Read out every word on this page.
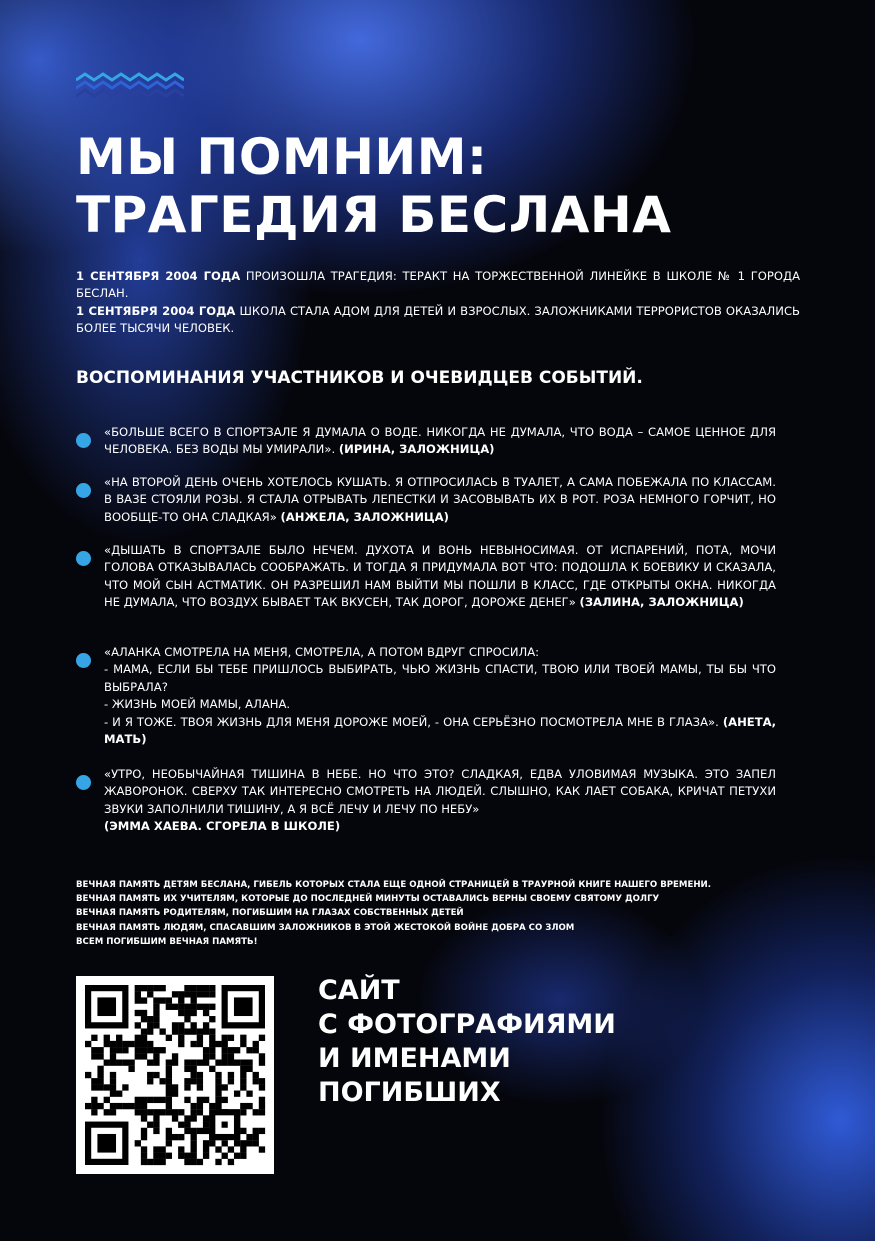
МЫ ПОМНИМ:
ТРАГЕДИЯ БЕСЛАНА

1 СЕНТЯБРЯ 2004 ГОДА ПРОИЗОШЛА ТРАГЕДИЯ: ТЕРАКТ НА ТОРЖЕСТВЕННОЙ ЛИНЕЙКЕ В ШКОЛЕ № 1 ГОРОДА БЕСЛАН.

1 СЕНТЯБРЯ 2004 ГОДА ШКОЛА СТАЛА АДОМ ДЛЯ ДЕТЕЙ И ВЗРОСЛЫХ. ЗАЛОЖНИКАМИ ТЕРРОРИСТОВ ОКАЗАЛИСЬ БОЛЕЕ ТЫСЯЧИ ЧЕЛОВЕК.

ВОСПОМИНАНИЯ УЧАСТНИКОВ И ОЧЕВИДЦЕВ СОБЫТИЙ.
«БОЛЬШЕ ВСЕГО В СПОРТЗАЛЕ Я ДУМАЛА О ВОДЕ. НИКОГДА НЕ ДУМАЛА, ЧТО ВОДА – САМОЕ ЦЕННОЕ ДЛЯ ЧЕЛОВЕКА. БЕЗ ВОДЫ МЫ УМИРАЛИ». (ИРИНА, ЗАЛОЖНИЦА)
«НА ВТОРОЙ ДЕНЬ ОЧЕНЬ ХОТЕЛОСЬ КУШАТЬ. Я ОТПРОСИЛАСЬ В ТУАЛЕТ, А САМА ПОБЕЖАЛА ПО КЛАССАМ. В ВАЗЕ СТОЯЛИ РОЗЫ. Я СТАЛА ОТРЫВАТЬ ЛЕПЕСТКИ И ЗАСОВЫВАТЬ ИХ В РОТ. РОЗА НЕМНОГО ГОРЧИТ, НО ВООБЩЕ-ТО ОНА СЛАДКАЯ» (АНЖЕЛА, ЗАЛОЖНИЦА)
«ДЫШАТЬ В СПОРТЗАЛЕ БЫЛО НЕЧЕМ. ДУХОТА И ВОНЬ НЕВЫНОСИМАЯ. ОТ ИСПАРЕНИЙ, ПОТА, МОЧИ ГОЛОВА ОТКАЗЫВАЛАСЬ СООБРАЖАТЬ. И ТОГДА Я ПРИДУМАЛА ВОТ ЧТО: ПОДОШЛА К БОЕВИКУ И СКАЗАЛА, ЧТО МОЙ СЫН АСТМАТИК. ОН РАЗРЕШИЛ НАМ ВЫЙТИ МЫ ПОШЛИ В КЛАСС, ГДЕ ОТКРЫТЫ ОКНА. НИКОГДА НЕ ДУМАЛА, ЧТО ВОЗДУХ БЫВАЕТ ТАК ВКУСЕН, ТАК ДОРОГ, ДОРОЖЕ ДЕНЕГ» (ЗАЛИНА, ЗАЛОЖНИЦА)
«АЛАНКА СМОТРЕЛА НА МЕНЯ, СМОТРЕЛА, А ПОТОМ ВДРУГ СПРОСИЛА:
- МАМА, ЕСЛИ БЫ ТЕБЕ ПРИШЛОСЬ ВЫБИРАТЬ, ЧЬЮ ЖИЗНЬ СПАСТИ, ТВОЮ ИЛИ ТВОЕЙ МАМЫ, ТЫ БЫ ЧТО ВЫБРАЛА?
- ЖИЗНЬ МОЕЙ МАМЫ, АЛАНА.
- И Я ТОЖЕ. ТВОЯ ЖИЗНЬ ДЛЯ МЕНЯ ДОРОЖЕ МОЕЙ, - ОНА СЕРЬЁЗНО ПОСМОТРЕЛА МНЕ В ГЛАЗА». (АНЕТА, МАТЬ)
«УТРО, НЕОБЫЧАЙНАЯ ТИШИНА В НЕБЕ. НО ЧТО ЭТО? СЛАДКАЯ, ЕДВА УЛОВИМАЯ МУЗЫКА. ЭТО ЗАПЕЛ ЖАВОРОНОК. СВЕРХУ ТАК ИНТЕРЕСНО СМОТРЕТЬ НА ЛЮДЕЙ. СЛЫШНО, КАК ЛАЕТ СОБАКА, КРИЧАТ ПЕТУХИ ЗВУКИ ЗАПОЛНИЛИ ТИШИНУ, А Я ВСЁ ЛЕЧУ И ЛЕЧУ ПО НЕБУ»
(ЭММА ХАЕВА. СГОРЕЛА В ШКОЛЕ)
ВЕЧНАЯ ПАМЯТЬ ДЕТЯМ БЕСЛАНА, ГИБЕЛЬ КОТОРЫХ СТАЛА ЕЩЕ ОДНОЙ СТРАНИЦЕЙ В ТРАУРНОЙ КНИГЕ НАШЕГО ВРЕМЕНИ.
ВЕЧНАЯ ПАМЯТЬ ИХ УЧИТЕЛЯМ, КОТОРЫЕ ДО ПОСЛЕДНЕЙ МИНУТЫ ОСТАВАЛИСЬ ВЕРНЫ СВОЕМУ СВЯТОМУ ДОЛГУ
ВЕЧНАЯ ПАМЯТЬ РОДИТЕЛЯМ, ПОГИБШИМ НА ГЛАЗАХ СОБСТВЕННЫХ ДЕТЕЙ
ВЕЧНАЯ ПАМЯТЬ ЛЮДЯМ, СПАСАВШИМ ЗАЛОЖНИКОВ В ЭТОЙ ЖЕСТОКОЙ ВОЙНЕ ДОБРА СО ЗЛОМ
ВСЕМ ПОГИБШИМ ВЕЧНАЯ ПАМЯТЬ!
САЙТ
С ФОТОГРАФИЯМИ
И ИМЕНАМИ
ПОГИБШИХ
